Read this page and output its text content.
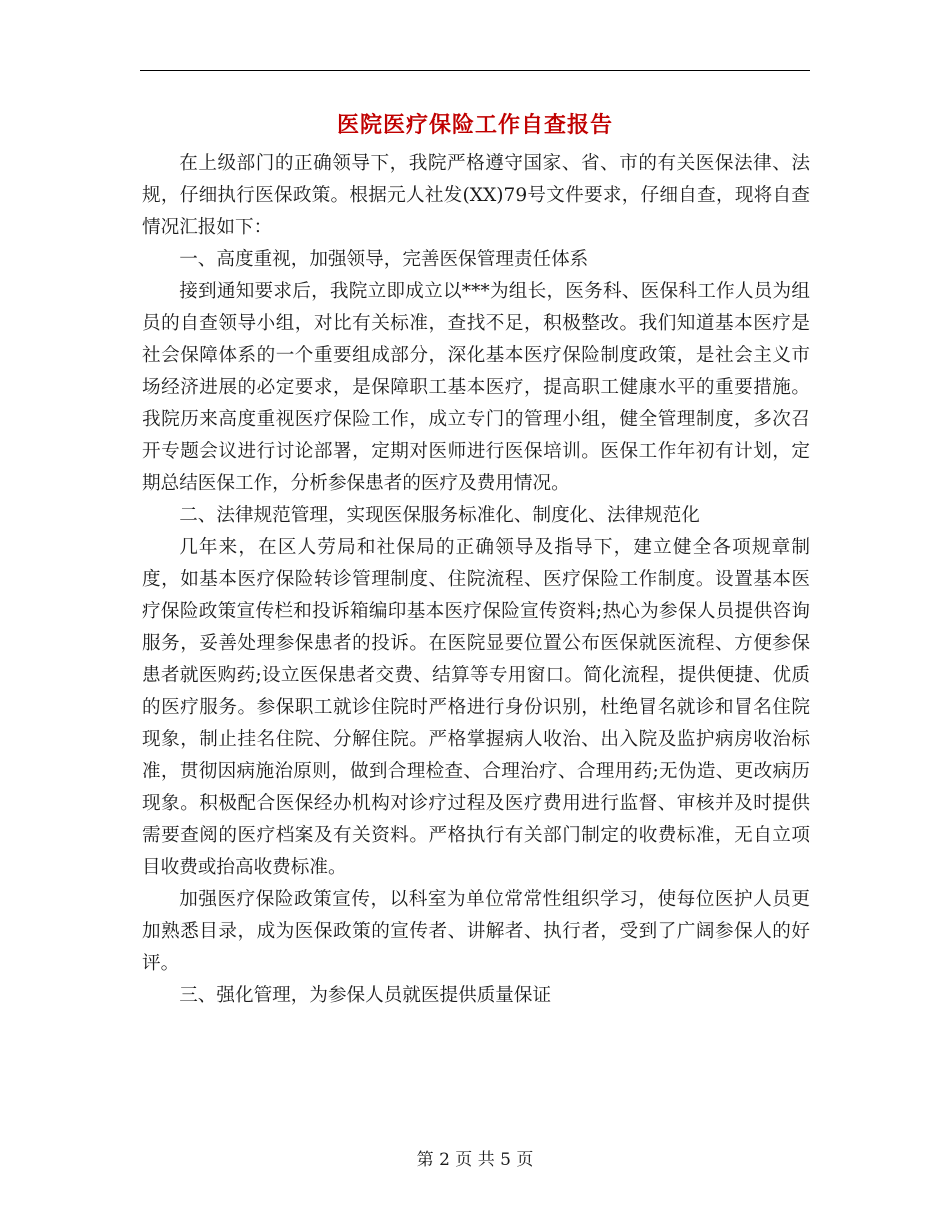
医院医疗保险工作自查报告

在上级部门的正确领导下，我院严格遵守国家、省、市的有关医保法律、法规，仔细执行医保政策。根据元人社发(XX)79号文件要求，仔细自查，现将自查情况汇报如下：

一、高度重视，加强领导，完善医保管理责任体系

接到通知要求后，我院立即成立以***为组长，医务科、医保科工作人员为组员的自查领导小组，对比有关标准，查找不足，积极整改。我们知道基本医疗是社会保障体系的一个重要组成部分，深化基本医疗保险制度政策，是社会主义市场经济进展的必定要求，是保障职工基本医疗，提高职工健康水平的重要措施。我院历来高度重视医疗保险工作，成立专门的管理小组，健全管理制度，多次召开专题会议进行讨论部署，定期对医师进行医保培训。医保工作年初有计划，定期总结医保工作，分析参保患者的医疗及费用情况。

二、法律规范管理，实现医保服务标准化、制度化、法律规范化

几年来，在区人劳局和社保局的正确领导及指导下，建立健全各项规章制度，如基本医疗保险转诊管理制度、住院流程、医疗保险工作制度。设置基本医疗保险政策宣传栏和投诉箱编印基本医疗保险宣传资料;热心为参保人员提供咨询服务，妥善处理参保患者的投诉。在医院显要位置公布医保就医流程、方便参保患者就医购药;设立医保患者交费、结算等专用窗口。简化流程，提供便捷、优质的医疗服务。参保职工就诊住院时严格进行身份识别，杜绝冒名就诊和冒名住院现象，制止挂名住院、分解住院。严格掌握病人收治、出入院及监护病房收治标准，贯彻因病施治原则，做到合理检查、合理治疗、合理用药;无伪造、更改病历现象。积极配合医保经办机构对诊疗过程及医疗费用进行监督、审核并及时提供需要查阅的医疗档案及有关资料。严格执行有关部门制定的收费标准，无自立项目收费或抬高收费标准。

加强医疗保险政策宣传，以科室为单位常常性组织学习，使每位医护人员更加熟悉目录，成为医保政策的宣传者、讲解者、执行者，受到了广阔参保人的好评。

三、强化管理，为参保人员就医提供质量保证

第 2 页 共 5 页
